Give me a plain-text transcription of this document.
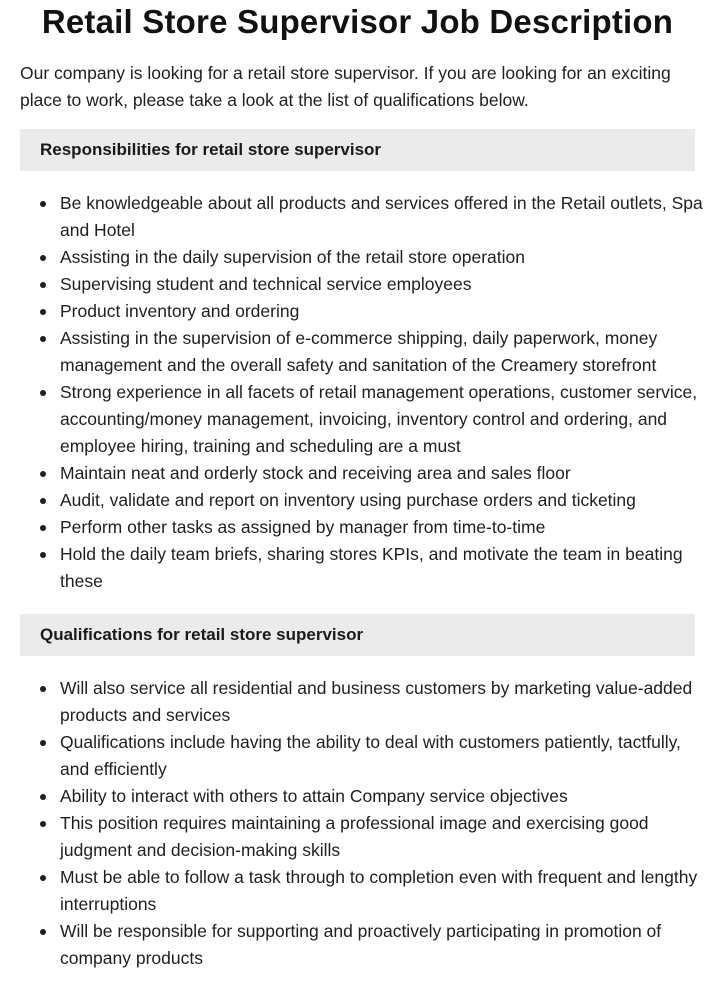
Retail Store Supervisor Job Description

Our company is looking for a retail store supervisor. If you are looking for an exciting place to work, please take a look at the list of qualifications below.

Responsibilities for retail store supervisor
Be knowledgeable about all products and services offered in the Retail outlets, Spa and Hotel
Assisting in the daily supervision of the retail store operation
Supervising student and technical service employees
Product inventory and ordering
Assisting in the supervision of e-commerce shipping, daily paperwork, money management and the overall safety and sanitation of the Creamery storefront
Strong experience in all facets of retail management operations, customer service, accounting/money management, invoicing, inventory control and ordering, and employee hiring, training and scheduling are a must
Maintain neat and orderly stock and receiving area and sales floor
Audit, validate and report on inventory using purchase orders and ticketing
Perform other tasks as assigned by manager from time-to-time
Hold the daily team briefs, sharing stores KPIs, and motivate the team in beating these
Qualifications for retail store supervisor
Will also service all residential and business customers by marketing value-added products and services
Qualifications include having the ability to deal with customers patiently, tactfully, and efficiently
Ability to interact with others to attain Company service objectives
This position requires maintaining a professional image and exercising good judgment and decision-making skills
Must be able to follow a task through to completion even with frequent and lengthy interruptions
Will be responsible for supporting and proactively participating in promotion of company products
